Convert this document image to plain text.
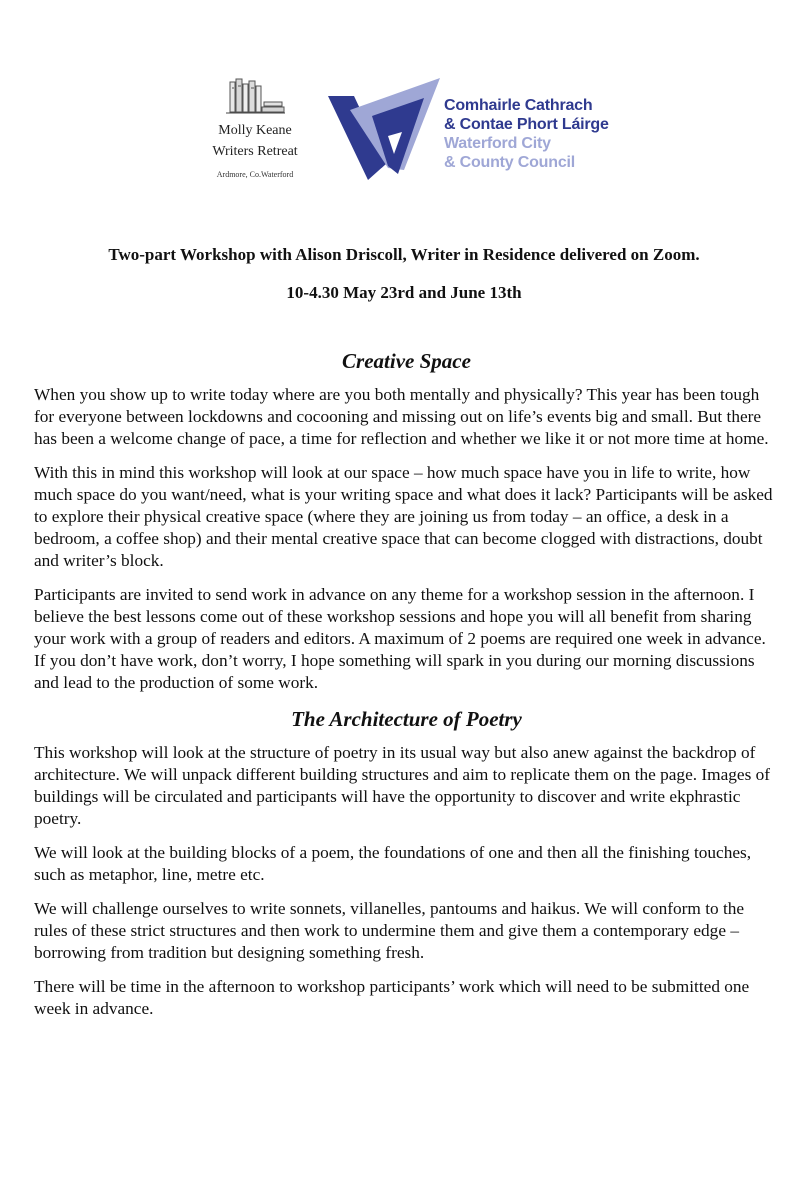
Molly Keane
Writers Retreat
Ardmore, Co.Waterford
Comhairle Cathrach
& Contae Phort Láirge
Waterford City
& County Council
Two-part Workshop with Alison Driscoll, Writer in Residence delivered on Zoom.
10-4.30 May 23rd and June 13th
Creative Space

When you show up to write today where are you both mentally and physically? This year has been tough for everyone between lockdowns and cocooning and missing out on life’s events big and small. But there has been a welcome change of pace, a time for reflection and whether we like it or not more time at home.

With this in mind this workshop will look at our space – how much space have you in life to write, how much space do you want/need, what is your writing space and what does it lack? Participants will be asked to explore their physical creative space (where they are joining us from today – an office, a desk in a bedroom, a coffee shop) and their mental creative space that can become clogged with distractions, doubt and writer’s block.

Participants are invited to send work in advance on any theme for a workshop session in the afternoon. I believe the best lessons come out of these workshop sessions and hope you will all benefit from sharing your work with a group of readers and editors. A maximum of 2 poems are required one week in advance. If you don’t have work, don’t worry, I hope something will spark in you during our morning discussions and lead to the production of some work.

The Architecture of Poetry

This workshop will look at the structure of poetry in its usual way but also anew against the backdrop of architecture. We will unpack different building structures and aim to replicate them on the page. Images of buildings will be circulated and participants will have the opportunity to discover and write ekphrastic poetry.

We will look at the building blocks of a poem, the foundations of one and then all the finishing touches, such as metaphor, line, metre etc.

We will challenge ourselves to write sonnets, villanelles, pantoums and haikus. We will conform to the rules of these strict structures and then work to undermine them and give them a contemporary edge – borrowing from tradition but designing something fresh.

There will be time in the afternoon to workshop participants’ work which will need to be submitted one week in advance.
